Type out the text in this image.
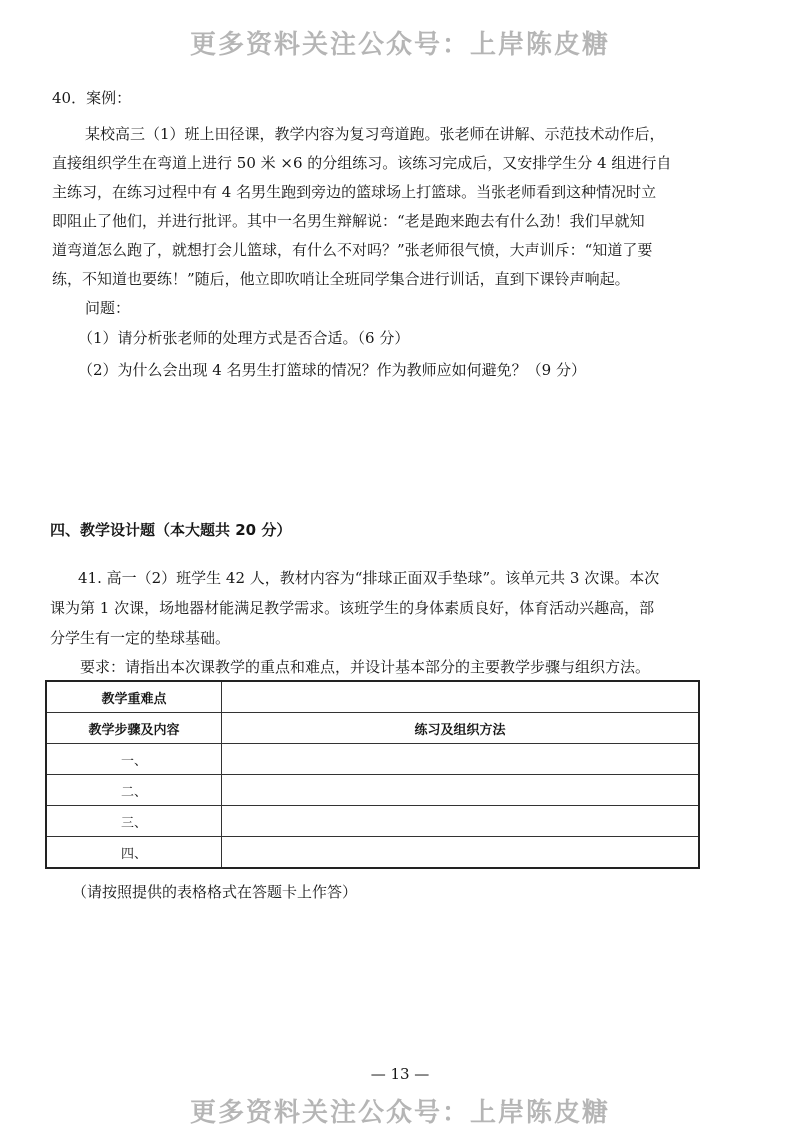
更多资料关注公众号：上岸陈皮糖
40．案例：
某校高三（1）班上田径课，教学内容为复习弯道跑。张老师在讲解、示范技术动作后，
直接组织学生在弯道上进行 50 米 ×6 的分组练习。该练习完成后，又安排学生分 4 组进行自
主练习，在练习过程中有 4 名男生跑到旁边的篮球场上打篮球。当张老师看到这种情况时立
即阻止了他们，并进行批评。其中一名男生辩解说：“老是跑来跑去有什么劲！我们早就知
道弯道怎么跑了，就想打会儿篮球，有什么不对吗？”张老师很气愤，大声训斥：“知道了要
练，不知道也要练！”随后，他立即吹哨让全班同学集合进行训话，直到下课铃声响起。
问题：
（1）请分析张老师的处理方式是否合适。（6 分）
（2）为什么会出现 4 名男生打篮球的情况？作为教师应如何避免？（9 分）
四、教学设计题（本大题共 20 分）
41. 高一（2）班学生 42 人，教材内容为“排球正面双手垫球”。该单元共 3 次课。本次
课为第 1 次课，场地器材能满足教学需求。该班学生的身体素质良好，体育活动兴趣高，部
分学生有一定的垫球基础。
要求：请指出本次课教学的重点和难点，并设计基本部分的主要教学步骤与组织方法。
教学重难点	
教学步骤及内容	练习及组织方法
一、	
二、	
三、	
四、	
（请按照提供的表格格式在答题卡上作答）
— 13 —
更多资料关注公众号：上岸陈皮糖
